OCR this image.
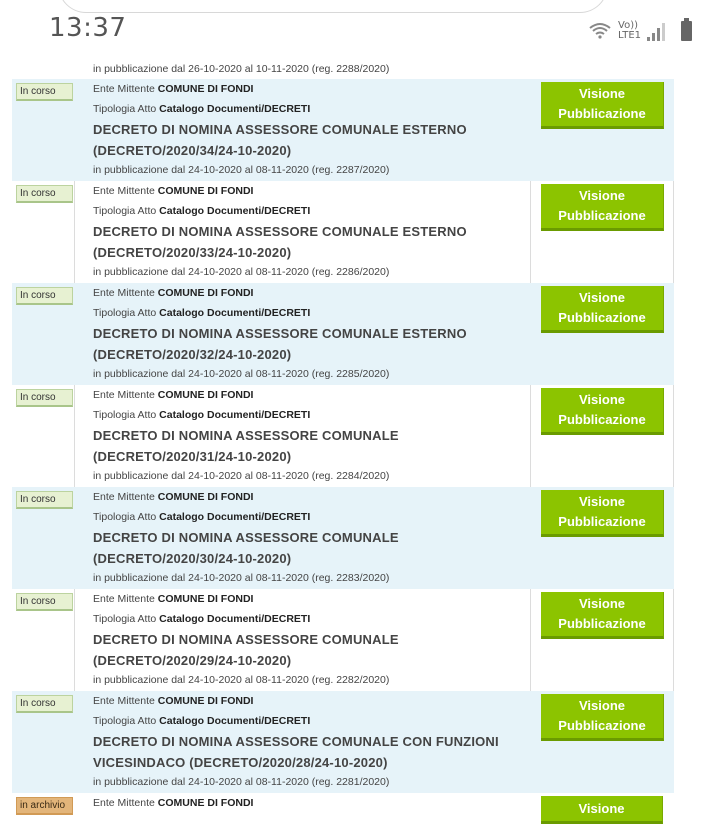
13:37	Vo))
LTE1
in pubblicazione dal 26-10-2020 al 10-11-2020 (reg. 2288/2020)
In corso	Ente Mittente COMUNE DI FONDI
Tipologia Atto Catalogo Documenti/DECRETI
DECRETO DI NOMINA ASSESSORE COMUNALE ESTERNO
(DECRETO/2020/34/24-10-2020)
in pubblicazione dal 24-10-2020 al 08-11-2020 (reg. 2287/2020)
Visione
Pubblicazione
In corso	Ente Mittente COMUNE DI FONDI
Tipologia Atto Catalogo Documenti/DECRETI
DECRETO DI NOMINA ASSESSORE COMUNALE ESTERNO
(DECRETO/2020/33/24-10-2020)
in pubblicazione dal 24-10-2020 al 08-11-2020 (reg. 2286/2020)
Visione
Pubblicazione
In corso	Ente Mittente COMUNE DI FONDI
Tipologia Atto Catalogo Documenti/DECRETI
DECRETO DI NOMINA ASSESSORE COMUNALE ESTERNO
(DECRETO/2020/32/24-10-2020)
in pubblicazione dal 24-10-2020 al 08-11-2020 (reg. 2285/2020)
Visione
Pubblicazione
In corso	Ente Mittente COMUNE DI FONDI
Tipologia Atto Catalogo Documenti/DECRETI
DECRETO DI NOMINA ASSESSORE COMUNALE
(DECRETO/2020/31/24-10-2020)
in pubblicazione dal 24-10-2020 al 08-11-2020 (reg. 2284/2020)
Visione
Pubblicazione
In corso	Ente Mittente COMUNE DI FONDI
Tipologia Atto Catalogo Documenti/DECRETI
DECRETO DI NOMINA ASSESSORE COMUNALE
(DECRETO/2020/30/24-10-2020)
in pubblicazione dal 24-10-2020 al 08-11-2020 (reg. 2283/2020)
Visione
Pubblicazione
In corso	Ente Mittente COMUNE DI FONDI
Tipologia Atto Catalogo Documenti/DECRETI
DECRETO DI NOMINA ASSESSORE COMUNALE
(DECRETO/2020/29/24-10-2020)
in pubblicazione dal 24-10-2020 al 08-11-2020 (reg. 2282/2020)
Visione
Pubblicazione
In corso	Ente Mittente COMUNE DI FONDI
Tipologia Atto Catalogo Documenti/DECRETI
DECRETO DI NOMINA ASSESSORE COMUNALE CON FUNZIONI
VICESINDACO (DECRETO/2020/28/24-10-2020)
in pubblicazione dal 24-10-2020 al 08-11-2020 (reg. 2281/2020)
Visione
Pubblicazione
in archivio	Ente Mittente COMUNE DI FONDI	Visione
